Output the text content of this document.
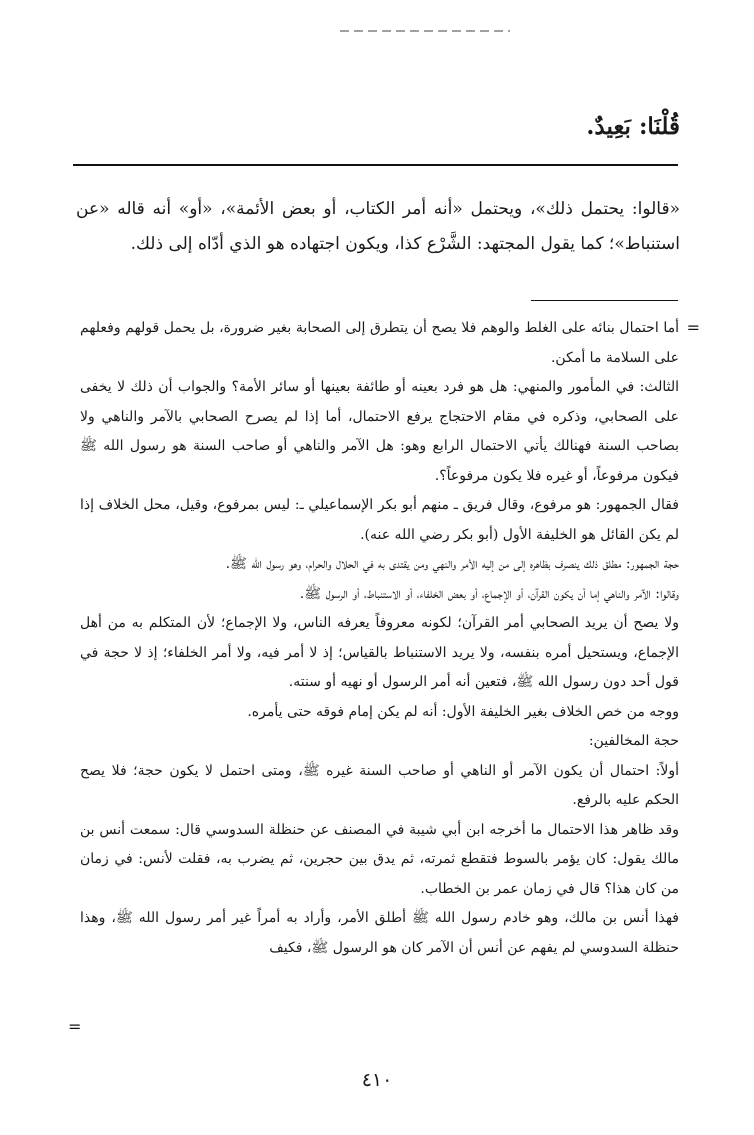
قُلْنَا: بَعِيدٌ.

«قالوا: يحتمل ذلك»، ويحتمل «أنه أمر الكتاب، أو بعض الأئمة»، «أو» أنه قاله «عن استنباط»؛ كما يقول المجتهد: الشَّرْع كذا، ويكون اجتهاده هو الذي أدّاه إلى ذلك.

=

أما احتمال بنائه على الغلط والوهم فلا يصح أن يتطرق إلى الصحابة بغير ضرورة، بل يحمل قولهم وفعلهم على السلامة ما أمكن.

الثالث: في المأمور والمنهي: هل هو فرد بعينه أو طائفة بعينها أو سائر الأمة؟ والجواب أن ذلك لا يخفى على الصحابي، وذكره في مقام الاحتجاج يرفع الاحتمال، أما إذا لم يصرح الصحابي بالآمر والناهي ولا بصاحب السنة فهنالك يأتي الاحتمال الرابع وهو: هل الآمر والناهي أو صاحب السنة هو رسول الله ﷺ فيكون مرفوعاً، أو غيره فلا يكون مرفوعاً؟.

فقال الجمهور: هو مرفوع، وقال فريق ـ منهم أبو بكر الإسماعيلي ـ: ليس بمرفوع، وقيل، محل الخلاف إذا لم يكن القائل هو الخليفة الأول (أبو بكر رضي الله عنه).

حجة الجمهور: مطلق ذلك ينصرف بظاهره إلى من إليه الأمر والنهي ومن يقتدى به في الحلال والحرام، وهو رسول الله ﷺ.

وقالوا: الآمر والناهي إما أن يكون القرآن، أو الإجماع، أو بعض الخلفاء، أو الاستنباط، أو الرسول ﷺ.

ولا يصح أن يريد الصحابي أمر القرآن؛ لكونه معروفاً يعرفه الناس، ولا الإجماع؛ لأن المتكلم به من أهل الإجماع، ويستحيل أمره بنفسه، ولا يريد الاستنباط بالقياس؛ إذ لا أمر فيه، ولا أمر الخلفاء؛ إذ لا حجة في قول أحد دون رسول الله ﷺ، فتعين أنه أمر الرسول أو نهيه أو سنته.

ووجه من خص الخلاف بغير الخليفة الأول: أنه لم يكن إمام فوقه حتى يأمره.

حجة المخالفين:

أولاً: احتمال أن يكون الآمر أو الناهي أو صاحب السنة غيره ﷺ، ومتى احتمل لا يكون حجة؛ فلا يصح الحكم عليه بالرفع.

وقد ظاهر هذا الاحتمال ما أخرجه ابن أبي شيبة في المصنف عن حنظلة السدوسي قال: سمعت أنس بن مالك يقول: كان يؤمر بالسوط فتقطع ثمرته، ثم يدق بين حجرين، ثم يضرب به، فقلت لأنس: في زمان من كان هذا؟ قال في زمان عمر بن الخطاب.

فهذا أنس بن مالك، وهو خادم رسول الله ﷺ أطلق الأمر، وأراد به أمراً غير أمر رسول الله ﷺ، وهذا حنظلة السدوسي لم يفهم عن أنس أن الآمر كان هو الرسول ﷺ، فكيف

=
٤١٠
